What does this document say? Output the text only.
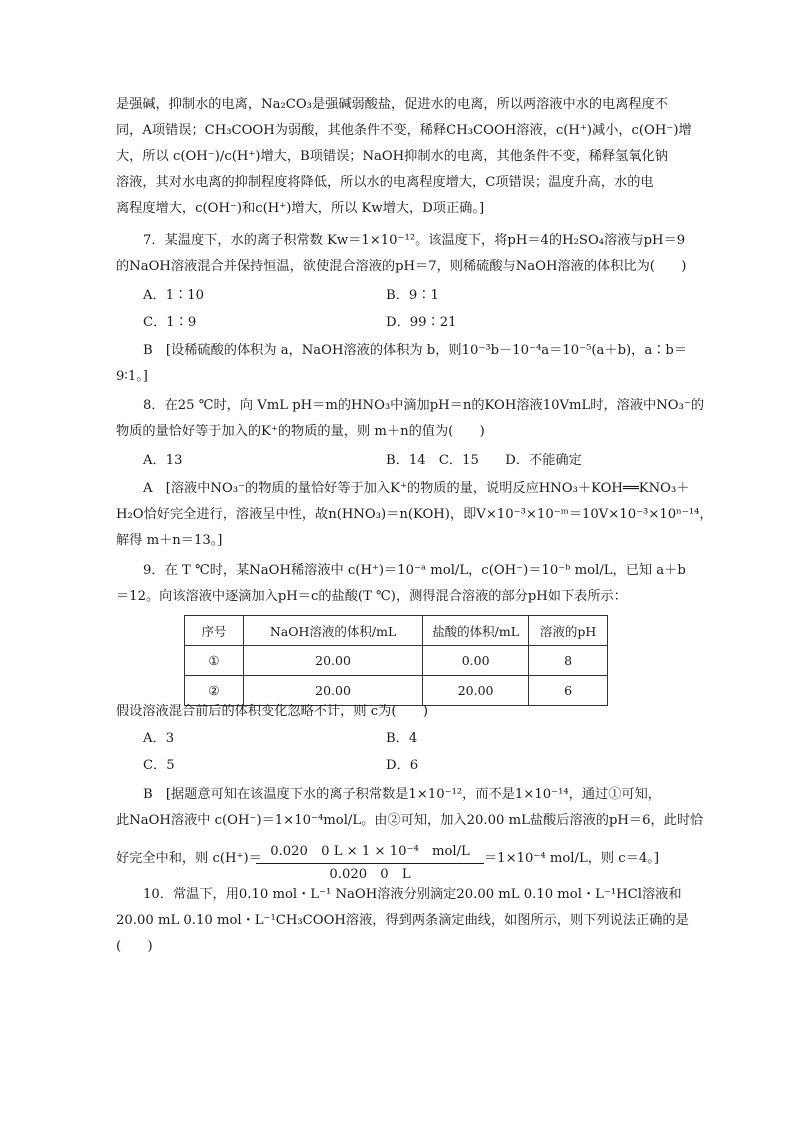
是强碱，抑制水的电离，Na₂CO₃是强碱弱酸盐，促进水的电离，所以两溶液中水的电离程度不
同，A项错误；CH₃COOH为弱酸，其他条件不变，稀释CH₃COOH溶液，c(H⁺)减小，c(OH⁻)增
大，所以 c(OH⁻)/c(H⁺)增大，B项错误；NaOH抑制水的电离，其他条件不变，稀释氢氧化钠
溶液，其对水电离的抑制程度将降低，所以水的电离程度增大，C项错误；温度升高，水的电
离程度增大，c(OH⁻)和c(H⁺)增大，所以 Kw增大，D项正确。]
7．某温度下，水的离子积常数 Kw＝1×10⁻¹²。该温度下，将pH＝4的H₂SO₄溶液与pH＝9
的NaOH溶液混合并保持恒温，欲使混合溶液的pH＝7，则稀硫酸与NaOH溶液的体积比为(　　)
A．1∶10	B．9∶1
C．1∶9	D．99∶21
B　[设稀硫酸的体积为 a，NaOH溶液的体积为 b，则10⁻³b－10⁻⁴a＝10⁻⁵(a＋b)，a∶b＝
9∶1。]
8．在25 ℃时，向 VmL pH＝m的HNO₃中滴加pH＝n的KOH溶液10VmL时，溶液中NO₃⁻的
物质的量恰好等于加入的K⁺的物质的量，则 m＋n的值为(　　)
A．13	B．14　C．15　　D．不能确定
A　[溶液中NO₃⁻的物质的量恰好等于加入K⁺的物质的量，说明反应HNO₃＋KOH══KNO₃＋
H₂O恰好完全进行，溶液呈中性，故n(HNO₃)＝n(KOH)，即V×10⁻³×10⁻ᵐ＝10V×10⁻³×10ⁿ⁻¹⁴，
解得 m＋n＝13。]
9．在 T ℃时，某NaOH稀溶液中 c(H⁺)＝10⁻ᵃ mol/L，c(OH⁻)＝10⁻ᵇ mol/L，已知 a＋b
＝12。向该溶液中逐滴加入pH＝c的盐酸(T ℃)，测得混合溶液的部分pH如下表所示：
序号	NaOH溶液的体积/mL	盐酸的体积/mL	溶液的pH
①	20.00	0.00	8
②	20.00	20.00	6
假设溶液混合前后的体积变化忽略不计，则 c为(　　)
A．3	B．4
C．5	D．6
B　[据题意可知在该温度下水的离子积常数是1×10⁻¹²，而不是1×10⁻¹⁴，通过①可知，
此NaOH溶液中 c(OH⁻)＝1×10⁻⁴mol/L。由②可知，加入20.00 mL盐酸后溶液的pH＝6，此时恰
好完全中和，则 c(H⁺)＝ 0.020　0 L × 1 × 10⁻⁴　mol/L
0.020　0　L
＝1×10⁻⁴ mol/L，则 c＝4。]
10．常温下，用0.10 mol・L⁻¹ NaOH溶液分别滴定20.00 mL 0.10 mol・L⁻¹HCl溶液和
20.00 mL 0.10 mol・L⁻¹CH₃COOH溶液，得到两条滴定曲线，如图所示，则下列说法正确的是
(　　)
